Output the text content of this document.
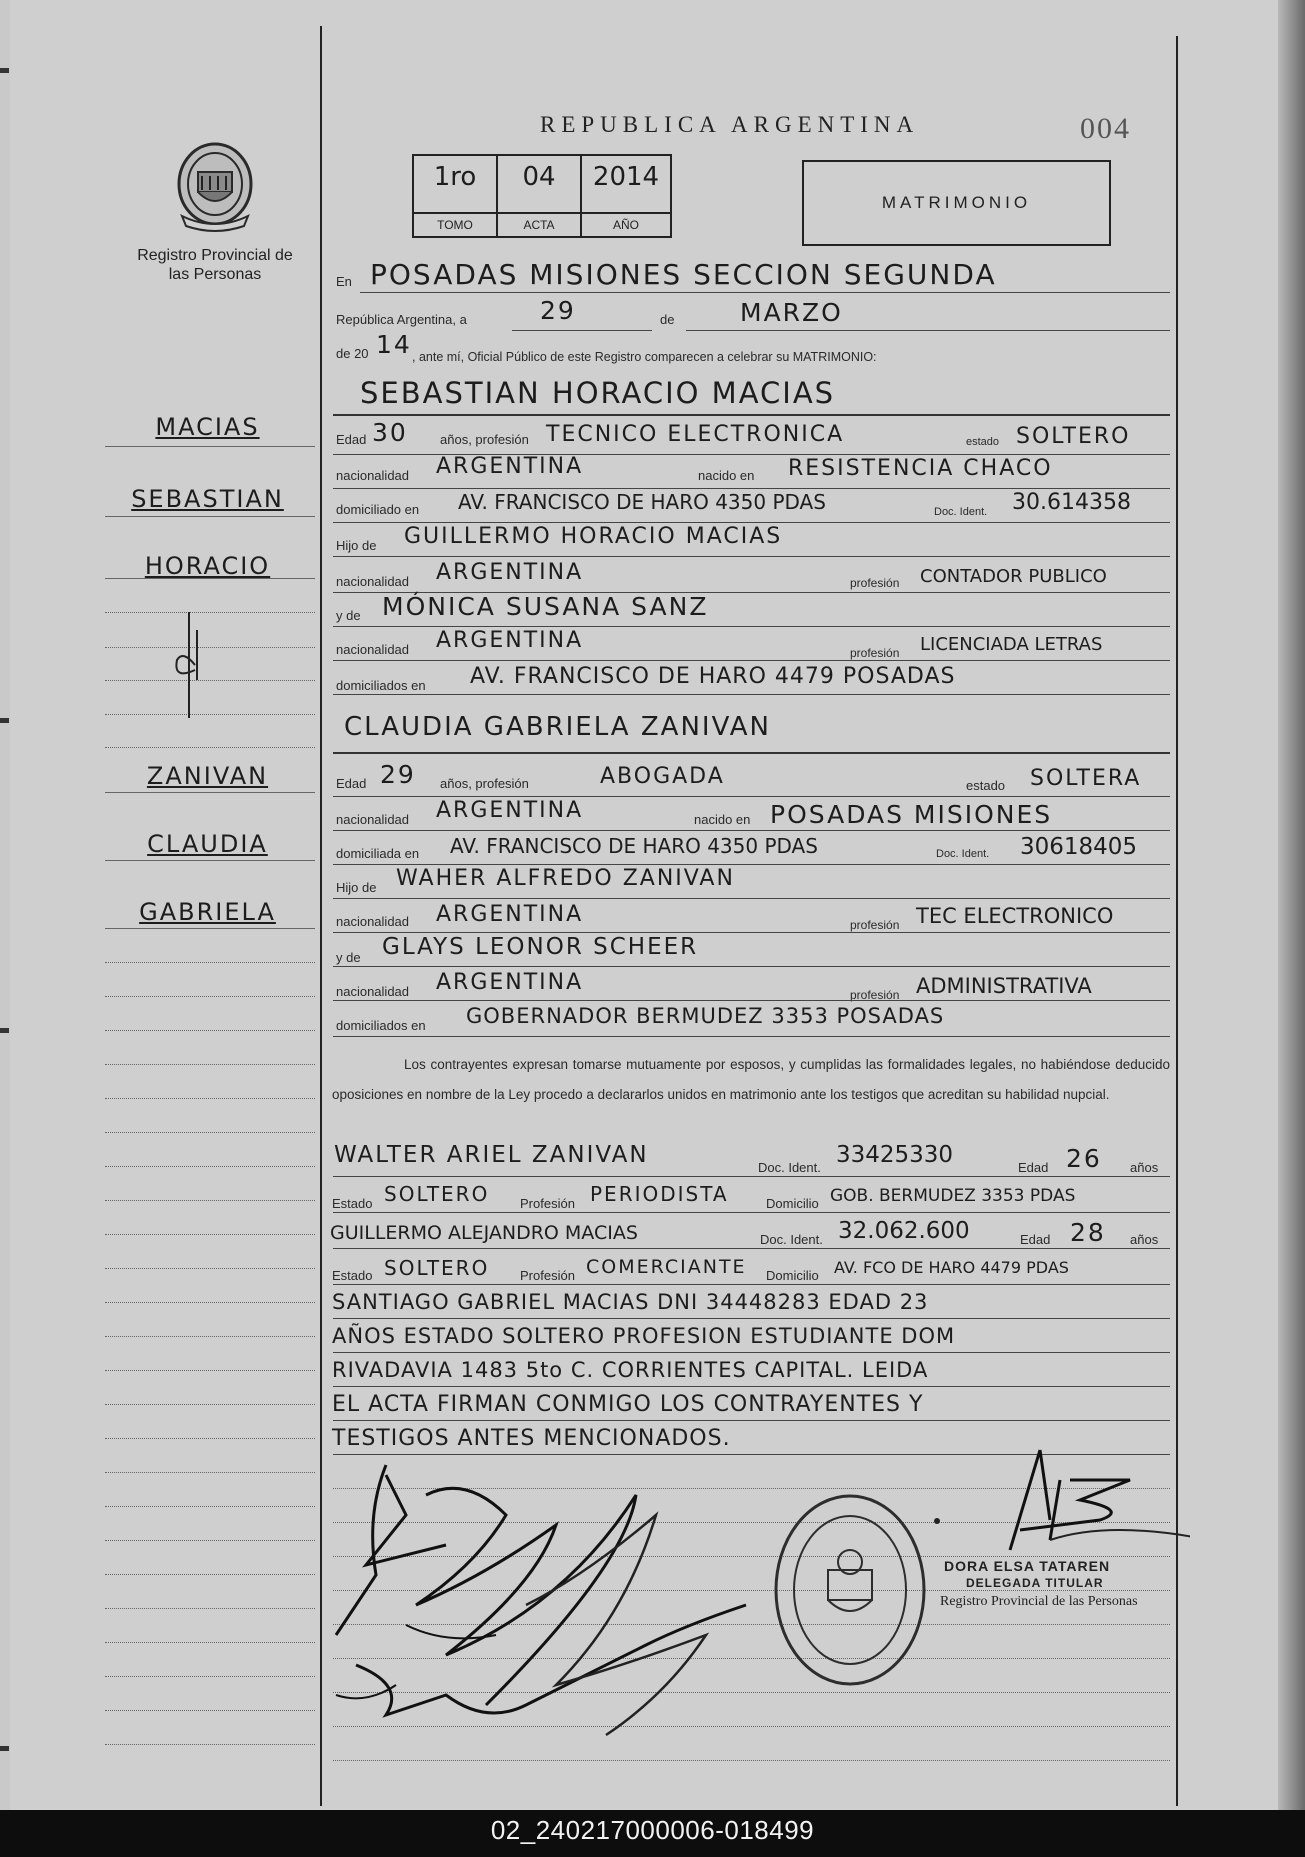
REPUBLICA ARGENTINA	004
1ro
TOMO
04
ACTA
2014
AÑO
MATRIMONIO
Registro Provincial de las Personas
MACIAS
SEBASTIAN
HORACIO
ZANIVAN
CLAUDIA
GABRIELA
En POSADAS MISIONES SECCION SEGUNDA
República Argentina, a	29	de	MARZO
de 20 14 , ante mí, Oficial Público de este Registro comparecen a celebrar su MATRIMONIO:
SEBASTIAN HORACIO MACIAS
Edad 30 años, profesión TECNICO ELECTRONICA	estado SOLTERO
nacionalidad ARGENTINA	nacido en RESISTENCIA CHACO
domiciliado en AV. FRANCISCO DE HARO 4350 PDAS	Doc. Ident. 30.614358
Hijo de GUILLERMO HORACIO MACIAS
nacionalidad ARGENTINA	profesión CONTADOR PUBLICO
y de MÓNICA SUSANA SANZ
nacionalidad ARGENTINA	profesión LICENCIADA LETRAS
domiciliados en AV. FRANCISCO DE HARO 4479 POSADAS
CLAUDIA GABRIELA ZANIVAN
Edad 29 años, profesión	ABOGADA	estado SOLTERA
nacionalidad ARGENTINA	nacido en POSADAS MISIONES
domiciliada en AV. FRANCISCO DE HARO 4350 PDAS	Doc. Ident. 30618405
Hijo de WAHER ALFREDO ZANIVAN
nacionalidad ARGENTINA	profesión TEC ELECTRONICO
y de GLAYS LEONOR SCHEER
nacionalidad ARGENTINA	profesión ADMINISTRATIVA
domiciliados en GOBERNADOR BERMUDEZ 3353 POSADAS
Los contrayentes expresan tomarse mutuamente por esposos, y cumplidas las formalidades legales, no habiéndose deducido oposiciones en nombre de la Ley procedo a declararlos unidos en matrimonio ante los testigos que acreditan su habilidad nupcial.
WALTER ARIEL ZANIVAN	Doc. Ident. 33425330	Edad 26 años
Estado SOLTERO Profesión PERIODISTA	Domicilio GOB. BERMUDEZ 3353 PDAS
GUILLERMO ALEJANDRO MACIAS	Doc. Ident. 32.062.600	Edad 28 años
Estado SOLTERO Profesión COMERCIANTE Domicilio AV. FCO DE HARO 4479 PDAS
SANTIAGO GABRIEL MACIAS DNI 34448283 EDAD 23
AÑOS ESTADO SOLTERO PROFESION ESTUDIANTE DOM
RIVADAVIA 1483 5to C. CORRIENTES CAPITAL. LEIDA
EL ACTA FIRMAN CONMIGO LOS CONTRAYENTES Y
TESTIGOS ANTES MENCIONADOS.
DORA ELSA TATAREN
DELEGADA TITULAR
Registro Provincial de las Personas
02_240217000006-018499
